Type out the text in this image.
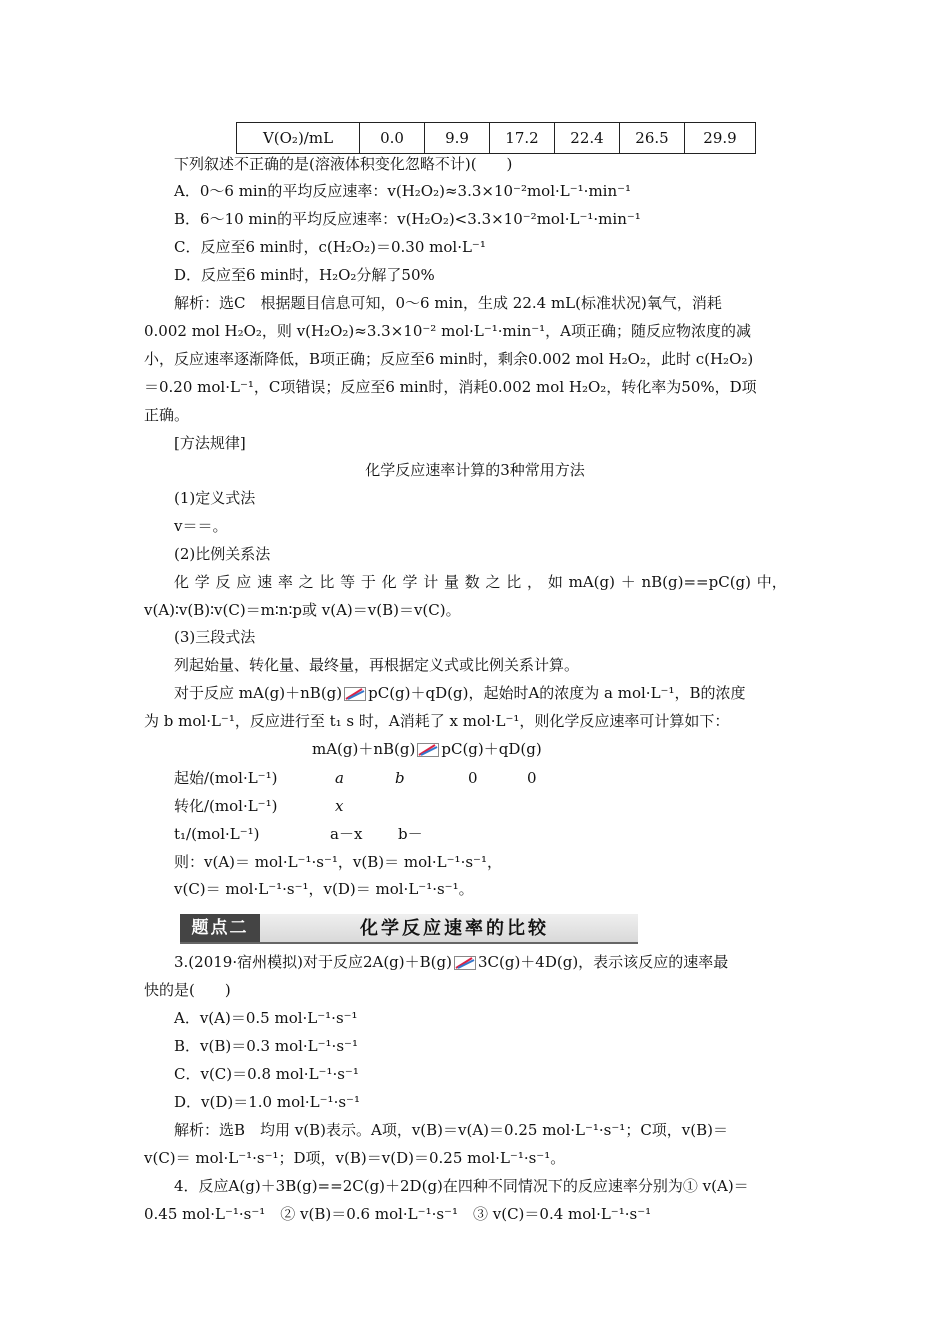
V(O₂)/mL	0.0	9.9	17.2	22.4	26.5	29.9
下列叙述不正确的是(溶液体积变化忽略不计)(　　)
A．0～6 min的平均反应速率：v(H₂O₂)≈3.3×10⁻²mol·L⁻¹·min⁻¹
B．6～10 min的平均反应速率：v(H₂O₂)<3.3×10⁻²mol·L⁻¹·min⁻¹
C．反应至6 min时，c(H₂O₂)＝0.30 mol·L⁻¹
D．反应至6 min时，H₂O₂分解了50%
解析：选C　根据题目信息可知，0～6 min，生成 22.4 mL(标准状况)氧气，消耗
0.002 mol H₂O₂，则 v(H₂O₂)≈3.3×10⁻² mol·L⁻¹·min⁻¹，A项正确；随反应物浓度的减
小，反应速率逐渐降低，B项正确；反应至6 min时，剩余0.002 mol H₂O₂，此时 c(H₂O₂)
＝0.20 mol·L⁻¹，C项错误；反应至6 min时，消耗0.002 mol H₂O₂，转化率为50%，D项
正确。
[方法规律]
化学反应速率计算的3种常用方法
(1)定义式法
v＝＝。
(2)比例关系法
化 学 反 应 速 率 之 比 等 于 化 学 计 量 数 之 比 ， 如 mA(g) ＋ nB(g)==pC(g) 中，
v(A)∶v(B)∶v(C)＝m∶n∶p或 v(A)＝v(B)＝v(C)。
(3)三段式法
列起始量、转化量、最终量，再根据定义式或比例关系计算。
对于反应 mA(g)＋nB(g) pC(g)＋qD(g)，起始时A的浓度为 a mol·L⁻¹，B的浓度
为 b mol·L⁻¹，反应进行至 t₁ s 时，A消耗了 x mol·L⁻¹，则化学反应速率可计算如下：
mA(g)＋nB(g) pC(g)＋qD(g)
起始/(mol·L⁻¹)	a	b	0	0
转化/(mol·L⁻¹)	x
t₁/(mol·L⁻¹)	a－x b－
则：v(A)＝ mol·L⁻¹·s⁻¹，v(B)＝ mol·L⁻¹·s⁻¹，
v(C)＝ mol·L⁻¹·s⁻¹，v(D)＝ mol·L⁻¹·s⁻¹。
题点二	化学反应速率的比较
3.(2019·宿州模拟)对于反应2A(g)＋B(g) 3C(g)＋4D(g)，表示该反应的速率最
快的是(　　)
A．v(A)＝0.5 mol·L⁻¹·s⁻¹
B．v(B)＝0.3 mol·L⁻¹·s⁻¹
C．v(C)＝0.8 mol·L⁻¹·s⁻¹
D．v(D)＝1.0 mol·L⁻¹·s⁻¹
解析：选B　均用 v(B)表示。A项，v(B)＝v(A)＝0.25 mol·L⁻¹·s⁻¹；C项，v(B)＝
v(C)＝ mol·L⁻¹·s⁻¹；D项，v(B)＝v(D)＝0.25 mol·L⁻¹·s⁻¹。
4．反应A(g)＋3B(g)==2C(g)＋2D(g)在四种不同情况下的反应速率分别为① v(A)＝
0.45 mol·L⁻¹·s⁻¹　② v(B)＝0.6 mol·L⁻¹·s⁻¹　③ v(C)＝0.4 mol·L⁻¹·s⁻¹
